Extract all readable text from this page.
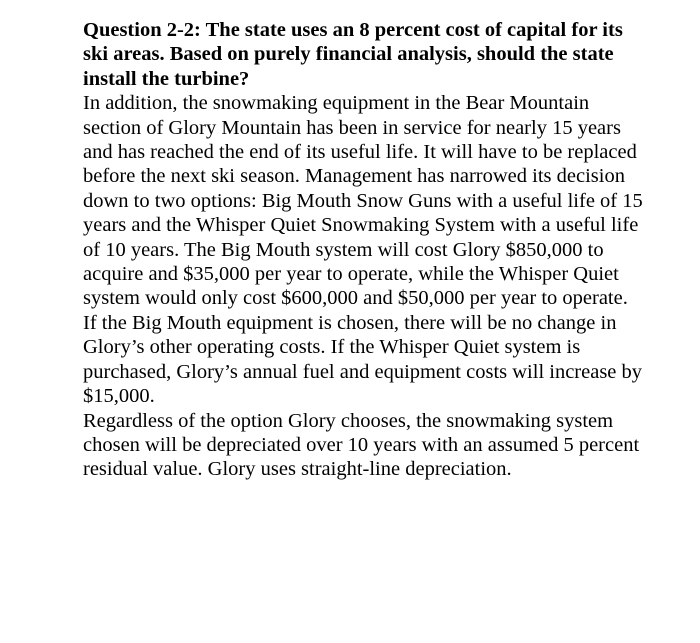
Question 2-2: The state uses an 8 percent cost of capital for its ski areas. Based on purely financial analysis, should the state install the turbine?

In addition, the snowmaking equipment in the Bear Mountain section of Glory Mountain has been in service for nearly 15 years and has reached the end of its useful life. It will have to be replaced before the next ski season. Management has narrowed its decision down to two options: Big Mouth Snow Guns with a useful life of 15 years and the Whisper Quiet Snowmaking System with a useful life of 10 years. The Big Mouth system will cost Glory $850,000 to acquire and $35,000 per year to operate, while the Whisper Quiet system would only cost $600,000 and $50,000 per year to operate.

If the Big Mouth equipment is chosen, there will be no change in Glory’s other operating costs. If the Whisper Quiet system is purchased, Glory’s annual fuel and equipment costs will increase by $15,000.

Regardless of the option Glory chooses, the snowmaking system chosen will be depreciated over 10 years with an assumed 5 percent residual value. Glory uses straight-line depreciation.
